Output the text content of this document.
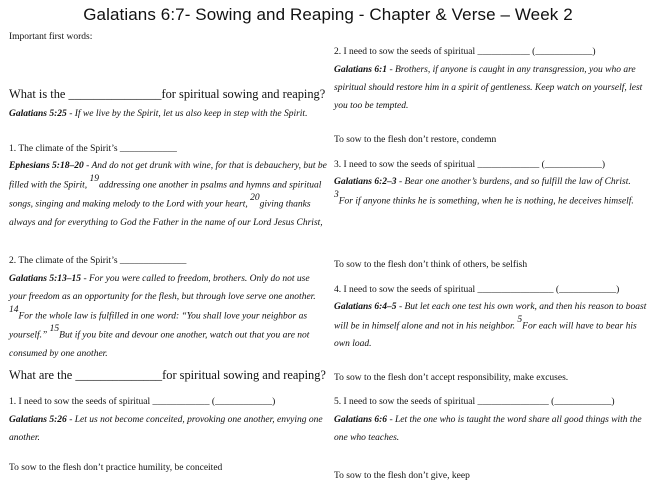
Galatians 6:7- Sowing and Reaping - Chapter & Verse – Week 2
Important first words:
What is the _______________for spiritual sowing and reaping?
Galatians 5:25 - If we live by the Spirit, let us also keep in step with the Spirit.
1. The climate of the Spirit’s ____________
Ephesians 5:18–20 - And do not get drunk with wine, for that is debauchery, but be filled with the Spirit, $^{19}$addressing one another in psalms and hymns and spiritual songs, singing and making melody to the Lord with your heart, $^{20}$giving thanks always and for everything to God the Father in the name of our Lord Jesus Christ,
2. The climate of the Spirit’s ______________
Galatians 5:13–15 - For you were called to freedom, brothers. Only do not use your freedom as an opportunity for the flesh, but through love serve one another. $^{14}$For the whole law is fulfilled in one word: “You shall love your neighbor as yourself.” $^{15}$But if you bite and devour one another, watch out that you are not consumed by one another.
What are the ______________for spiritual sowing and reaping?
1. I need to sow the seeds of spiritual ____________ (____________)
Galatians 5:26 - Let us not become conceited, provoking one another, envying one another.
To sow to the flesh don’t practice humility, be conceited
2. I need to sow the seeds of spiritual ___________ (____________)
Galatians 6:1 - Brothers, if anyone is caught in any transgression, you who are spiritual should restore him in a spirit of gentleness. Keep watch on yourself, lest you too be tempted.
To sow to the flesh don’t restore, condemn
3. I need to sow the seeds of spiritual _____________ (____________)
Galatians 6:2–3 - Bear one another’s burdens, and so fulfill the law of Christ. $^3$For if anyone thinks he is something, when he is nothing, he deceives himself.
To sow to the flesh don’t think of others, be selfish
4. I need to sow the seeds of spiritual ________________ (____________)
Galatians 6:4–5 - But let each one test his own work, and then his reason to boast will be in himself alone and not in his neighbor. $^5$For each will have to bear his own load.
To sow to the flesh don’t accept responsibility, make excuses.
5. I need to sow the seeds of spiritual _______________ (____________)
Galatians 6:6 - Let the one who is taught the word share all good things with the one who teaches.
To sow to the flesh don’t give, keep
